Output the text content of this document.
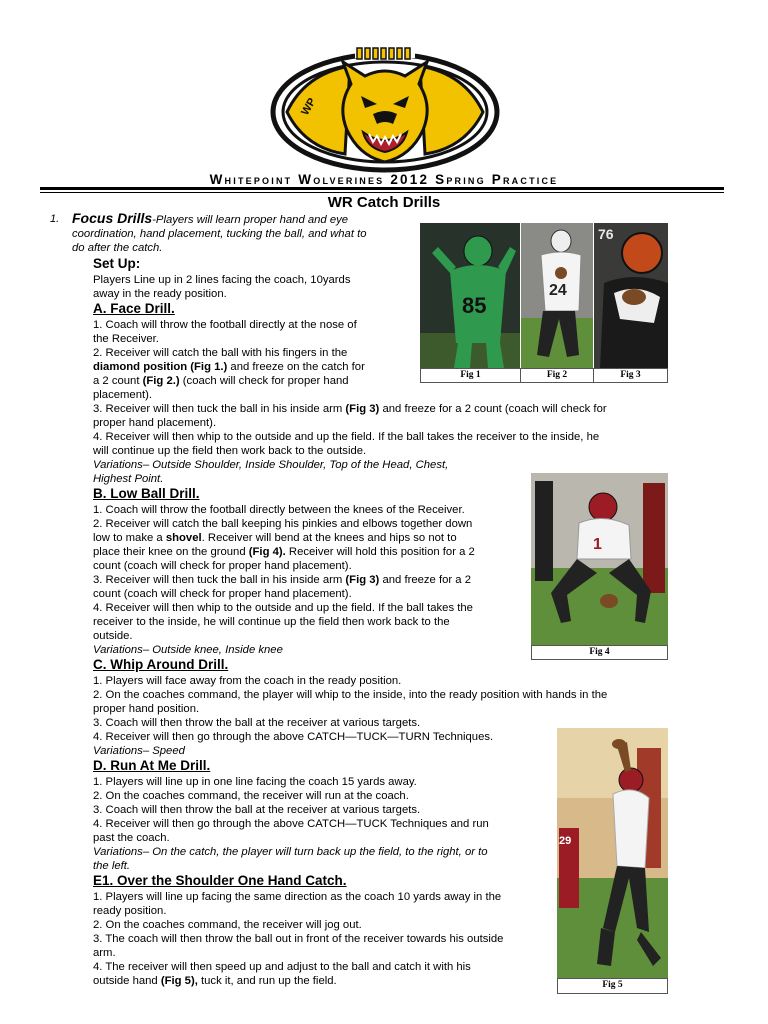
WP
Whitepoint Wolverines 2012 Spring Practice
WR Catch Drills
1. Focus Drills-Players will learn proper hand and eye
coordination, hand placement, tucking the ball, and what to
do after the catch.
Set Up:
Players Line up in 2 lines facing the coach, 10yards
away in the ready position.
A. Face Drill.
1. Coach will throw the football directly at the nose of
the Receiver.
2. Receiver will catch the ball with his fingers in the
diamond position (Fig 1.) and freeze on the catch for
a 2 count (Fig 2.) (coach will check for proper hand
placement).
3. Receiver will then tuck the ball in his inside arm (Fig 3) and freeze for a 2 count (coach will check for
proper hand placement).
4. Receiver will then whip to the outside and up the field. If the ball takes the receiver to the inside, he
will continue up the field then work back to the outside.
Variations– Outside Shoulder, Inside Shoulder, Top of the Head, Chest,
Highest Point.
B. Low Ball Drill.
1. Coach will throw the football directly between the knees of the Receiver.
2. Receiver will catch the ball keeping his pinkies and elbows together down
low to make a shovel. Receiver will bend at the knees and hips so not to
place their knee on the ground (Fig 4). Receiver will hold this position for a 2
count (coach will check for proper hand placement).
3. Receiver will then tuck the ball in his inside arm (Fig 3) and freeze for a 2
count (coach will check for proper hand placement).
4. Receiver will then whip to the outside and up the field. If the ball takes the
receiver to the inside, he will continue up the field then work back to the
outside.
Variations– Outside knee, Inside knee
C. Whip Around Drill.
1. Players will face away from the coach in the ready position.
2. On the coaches command, the player will whip to the inside, into the ready position with hands in the
proper hand position.
3. Coach will then throw the ball at the receiver at various targets.
4. Receiver will then go through the above CATCH—TUCK—TURN Techniques.
Variations– Speed
D. Run At Me Drill.
1. Players will line up in one line facing the coach 15 yards away.
2. On the coaches command, the receiver will run at the coach.
3. Coach will then throw the ball at the receiver at various targets.
4. Receiver will then go through the above CATCH—TUCK Techniques and run
past the coach.
Variations– On the catch, the player will turn back up the field, to the right, or to
the left.
E1. Over the Shoulder One Hand Catch.
1. Players will line up facing the same direction as the coach 10 yards away in the
ready position.
2. On the coaches command, the receiver will jog out.
3. The coach will then throw the ball out in front of the receiver towards his outside
arm.
4. The receiver will then speed up and adjust to the ball and catch it with his
outside hand (Fig 5), tuck it, and run up the field.
85
24
76
Fig 1	Fig 2	Fig 3
1
Fig 4
29
Fig 5
